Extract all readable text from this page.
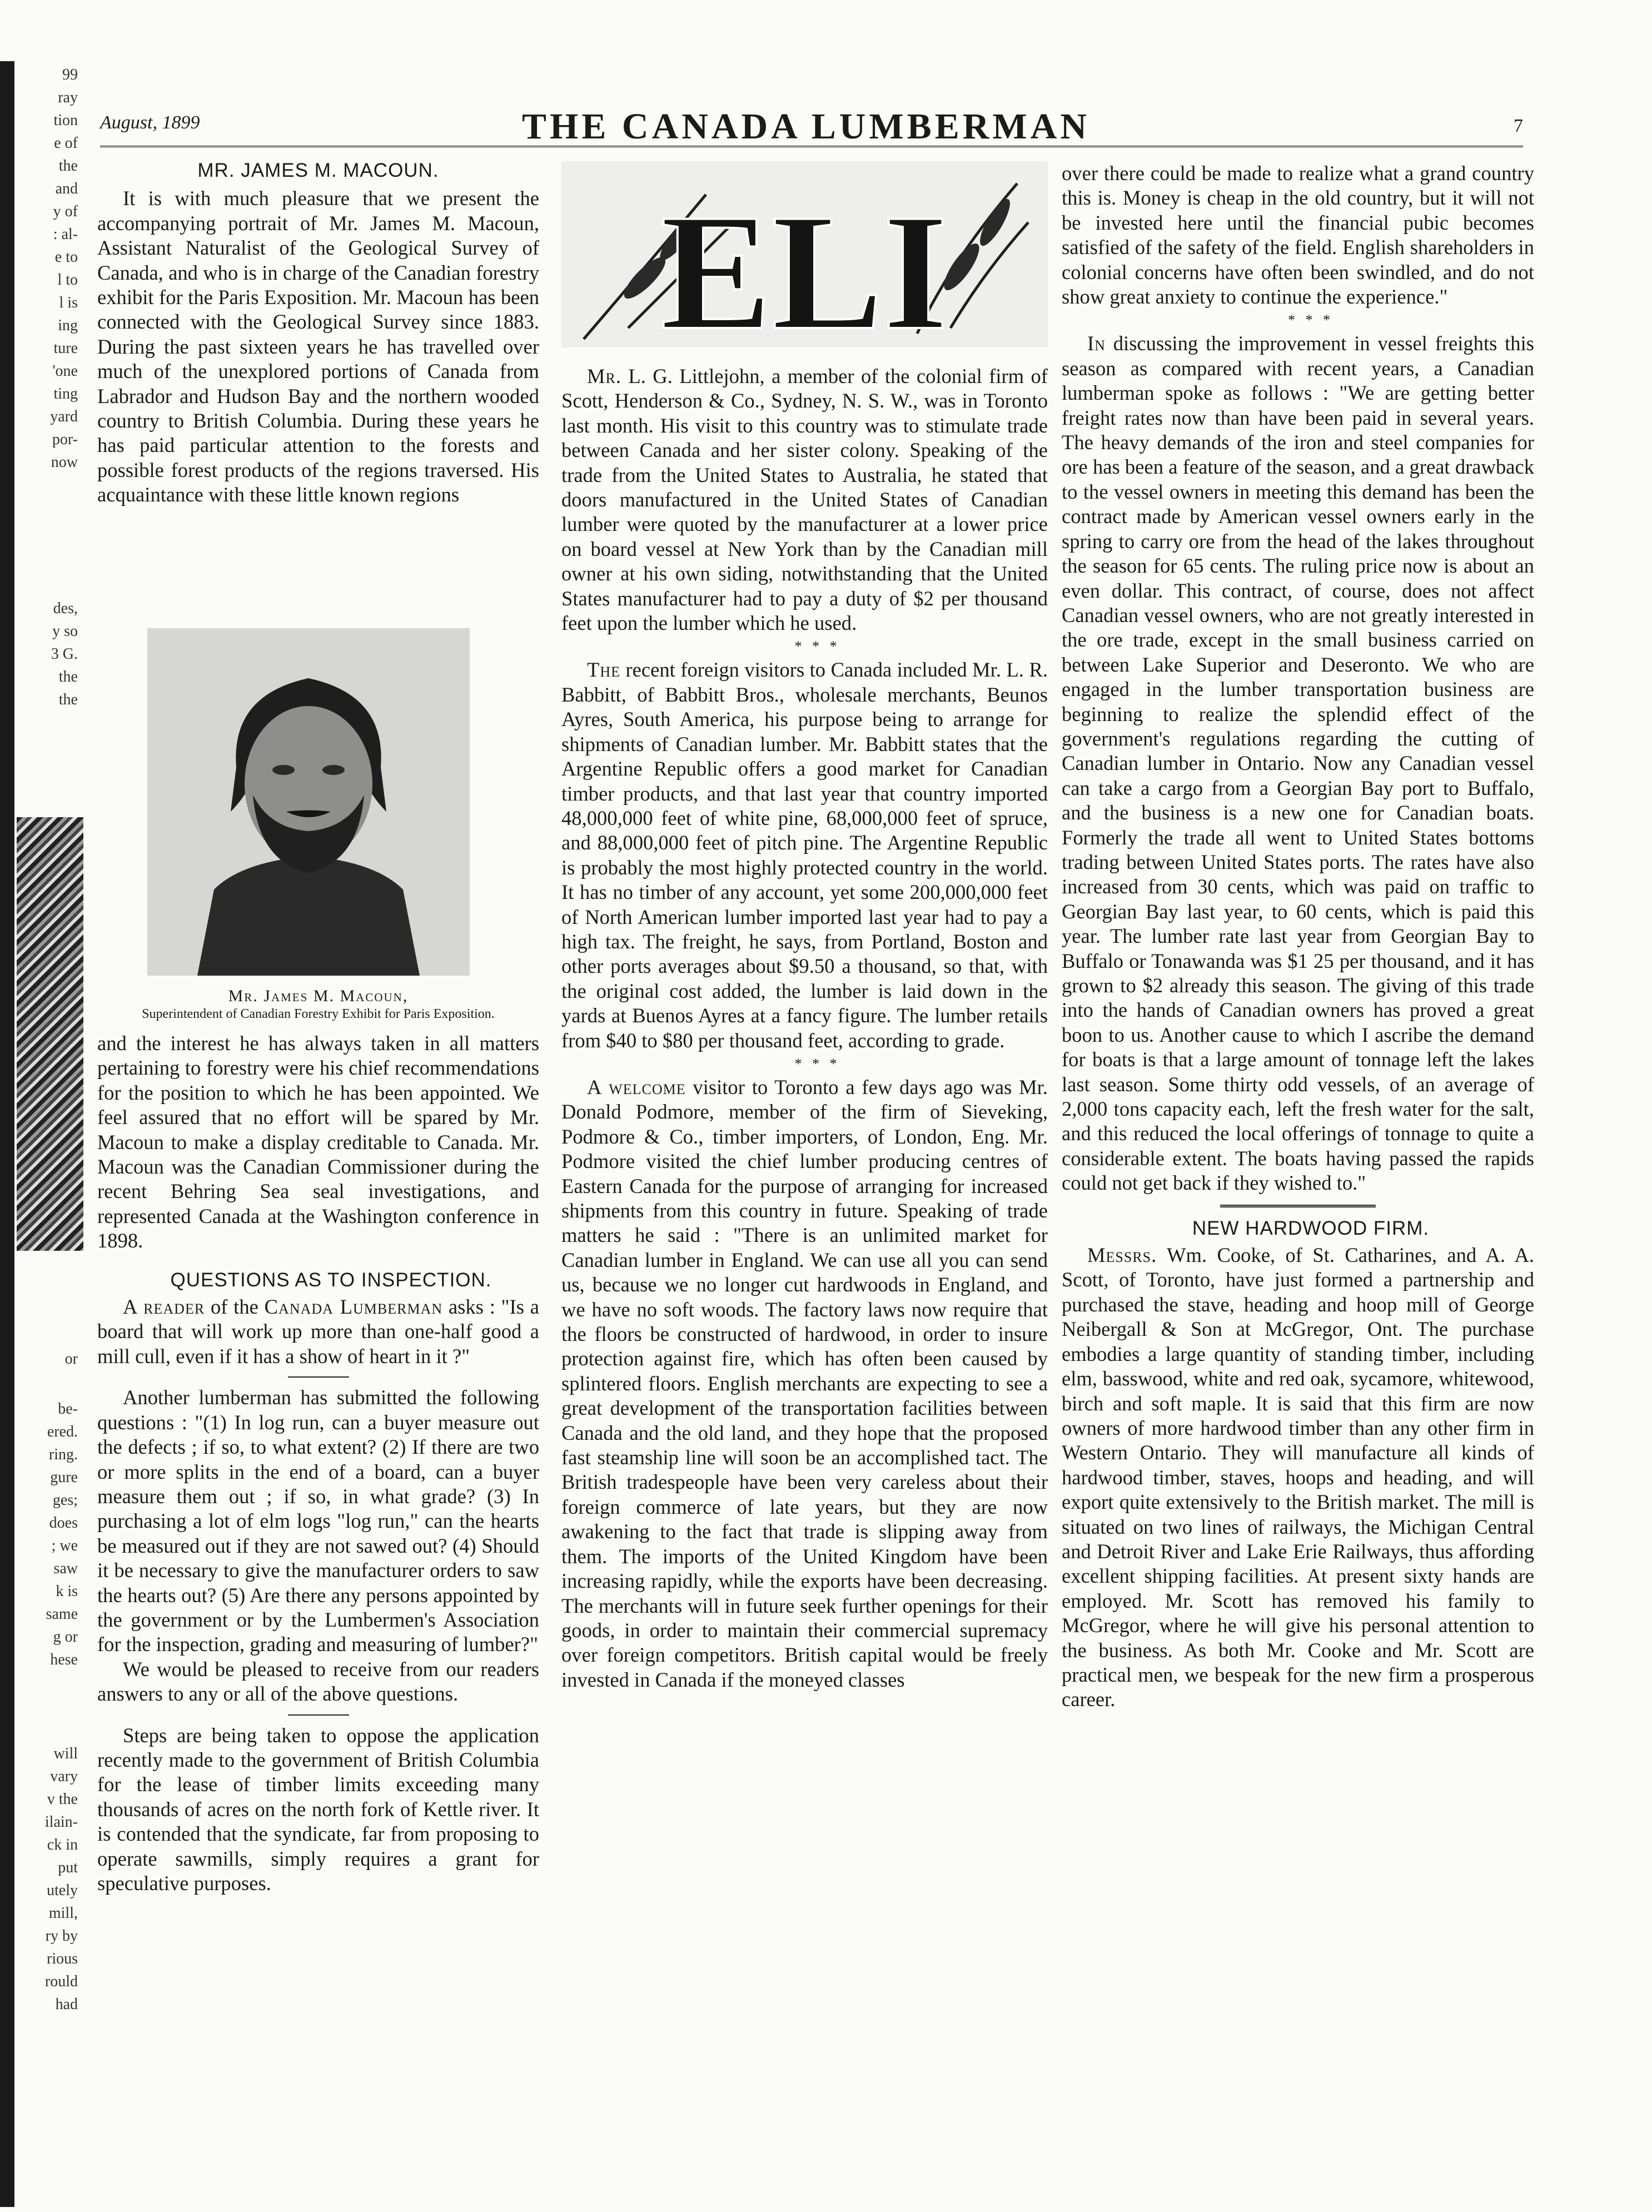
99
ray
tion
e of
the
and
y of
: al-
e to
l to
l is
ing
ture
'one
ting
yard
por-
now
des,
y so
3 G.
the
the
or
be-
ered.
ring.
gure
ges;
does
; we
saw
k is
same
g or
hese
will
vary
v the
ilain-
ck in
put
utely
mill,
ry by
rious
rould
had
August, 1899	THE CANADA LUMBERMAN	7

MR. JAMES M. MACOUN.

It is with much pleasure that we present the accompanying portrait of Mr. James M. Macoun, Assistant Naturalist of the Geological Survey of Canada, and who is in charge of the Canadian forestry exhibit for the Paris Exposition. Mr. Macoun has been connected with the Geological Survey since 1883. During the past sixteen years he has travelled over much of the unexplored portions of Canada from Labrador and Hudson Bay and the northern wooded country to British Columbia. During these years he has paid particular attention to the forests and possible forest products of the regions traversed. His acquaintance with these little known regions

Mr. James M. Macoun,
Superintendent of Canadian Forestry Exhibit for Paris Exposition.

and the interest he has always taken in all matters pertaining to forestry were his chief recommendations for the position to which he has been appointed. We feel assured that no effort will be spared by Mr. Macoun to make a display creditable to Canada. Mr. Macoun was the Canadian Commissioner during the recent Behring Sea seal investigations, and represented Canada at the Washington conference in 1898.

QUESTIONS AS TO INSPECTION.

A reader of the Canada Lumberman asks : "Is a board that will work up more than one-half good a mill cull, even if it has a show of heart in it ?"

Another lumberman has submitted the following questions : "(1) In log run, can a buyer measure out the defects ; if so, to what extent? (2) If there are two or more splits in the end of a board, can a buyer measure them out ; if so, in what grade? (3) In purchasing a lot of elm logs "log run," can the hearts be measured out if they are not sawed out? (4) Should it be necessary to give the manufacturer orders to saw the hearts out? (5) Are there any persons appointed by the government or by the Lumbermen's Association for the inspection, grading and measuring of lumber?"

We would be pleased to receive from our readers answers to any or all of the above questions.

Steps are being taken to oppose the application recently made to the government of British Columbia for the lease of timber limits exceeding many thousands of acres on the north fork of Kettle river. It is contended that the syndicate, far from proposing to operate sawmills, simply requires a grant for speculative purposes.

ELI

Mr. L. G. Littlejohn, a member of the colonial firm of Scott, Henderson & Co., Sydney, N. S. W., was in Toronto last month. His visit to this country was to stimulate trade between Canada and her sister colony. Speaking of the trade from the United States to Australia, he stated that doors manufactured in the United States of Canadian lumber were quoted by the manufacturer at a lower price on board vessel at New York than by the Canadian mill owner at his own siding, notwithstanding that the United States manufacturer had to pay a duty of $2 per thousand feet upon the lumber which he used.

* * *

The recent foreign visitors to Canada included Mr. L. R. Babbitt, of Babbitt Bros., wholesale merchants, Beunos Ayres, South America, his purpose being to arrange for shipments of Canadian lumber. Mr. Babbitt states that the Argentine Republic offers a good market for Canadian timber products, and that last year that country imported 48,000,000 feet of white pine, 68,000,000 feet of spruce, and 88,000,000 feet of pitch pine. The Argentine Republic is probably the most highly protected country in the world. It has no timber of any account, yet some 200,000,000 feet of North American lumber imported last year had to pay a high tax. The freight, he says, from Portland, Boston and other ports averages about $9.50 a thousand, so that, with the original cost added, the lumber is laid down in the yards at Buenos Ayres at a fancy figure. The lumber retails from $40 to $80 per thousand feet, according to grade.

* * *

A welcome visitor to Toronto a few days ago was Mr. Donald Podmore, member of the firm of Sieveking, Podmore & Co., timber importers, of London, Eng. Mr. Podmore visited the chief lumber producing centres of Eastern Canada for the purpose of arranging for increased shipments from this country in future. Speaking of trade matters he said : "There is an unlimited market for Canadian lumber in England. We can use all you can send us, because we no longer cut hardwoods in England, and we have no soft woods. The factory laws now require that the floors be constructed of hardwood, in order to insure protection against fire, which has often been caused by splintered floors. English merchants are expecting to see a great development of the transportation facilities between Canada and the old land, and they hope that the proposed fast steamship line will soon be an accomplished tact. The British tradespeople have been very careless about their foreign commerce of late years, but they are now awakening to the fact that trade is slipping away from them. The imports of the United Kingdom have been increasing rapidly, while the exports have been decreasing. The merchants will in future seek further openings for their goods, in order to maintain their commercial supremacy over foreign competitors. British capital would be freely invested in Canada if the moneyed classes

over there could be made to realize what a grand country this is. Money is cheap in the old country, but it will not be invested here until the financial pubic becomes satisfied of the safety of the field. English shareholders in colonial concerns have often been swindled, and do not show great anxiety to continue the experience."

* * *

In discussing the improvement in vessel freights this season as compared with recent years, a Canadian lumberman spoke as follows : "We are getting better freight rates now than have been paid in several years. The heavy demands of the iron and steel companies for ore has been a feature of the season, and a great drawback to the vessel owners in meeting this demand has been the contract made by American vessel owners early in the spring to carry ore from the head of the lakes throughout the season for 65 cents. The ruling price now is about an even dollar. This contract, of course, does not affect Canadian vessel owners, who are not greatly interested in the ore trade, except in the small business carried on between Lake Superior and Deseronto. We who are engaged in the lumber transportation business are beginning to realize the splendid effect of the government's regulations regarding the cutting of Canadian lumber in Ontario. Now any Canadian vessel can take a cargo from a Georgian Bay port to Buffalo, and the business is a new one for Canadian boats. Formerly the trade all went to United States bottoms trading between United States ports. The rates have also increased from 30 cents, which was paid on traffic to Georgian Bay last year, to 60 cents, which is paid this year. The lumber rate last year from Georgian Bay to Buffalo or Tonawanda was $1 25 per thousand, and it has grown to $2 already this season. The giving of this trade into the hands of Canadian owners has proved a great boon to us. Another cause to which I ascribe the demand for boats is that a large amount of tonnage left the lakes last season. Some thirty odd vessels, of an average of 2,000 tons capacity each, left the fresh water for the salt, and this reduced the local offerings of tonnage to quite a considerable extent. The boats having passed the rapids could not get back if they wished to."

NEW HARDWOOD FIRM.

Messrs. Wm. Cooke, of St. Catharines, and A. A. Scott, of Toronto, have just formed a partnership and purchased the stave, heading and hoop mill of George Neibergall & Son at McGregor, Ont. The purchase embodies a large quantity of standing timber, including elm, basswood, white and red oak, sycamore, whitewood, birch and soft maple. It is said that this firm are now owners of more hardwood timber than any other firm in Western Ontario. They will manufacture all kinds of hardwood timber, staves, hoops and heading, and will export quite extensively to the British market. The mill is situated on two lines of railways, the Michigan Central and Detroit River and Lake Erie Railways, thus affording excellent shipping facilities. At present sixty hands are employed. Mr. Scott has removed his family to McGregor, where he will give his personal attention to the business. As both Mr. Cooke and Mr. Scott are practical men, we bespeak for the new firm a prosperous career.
